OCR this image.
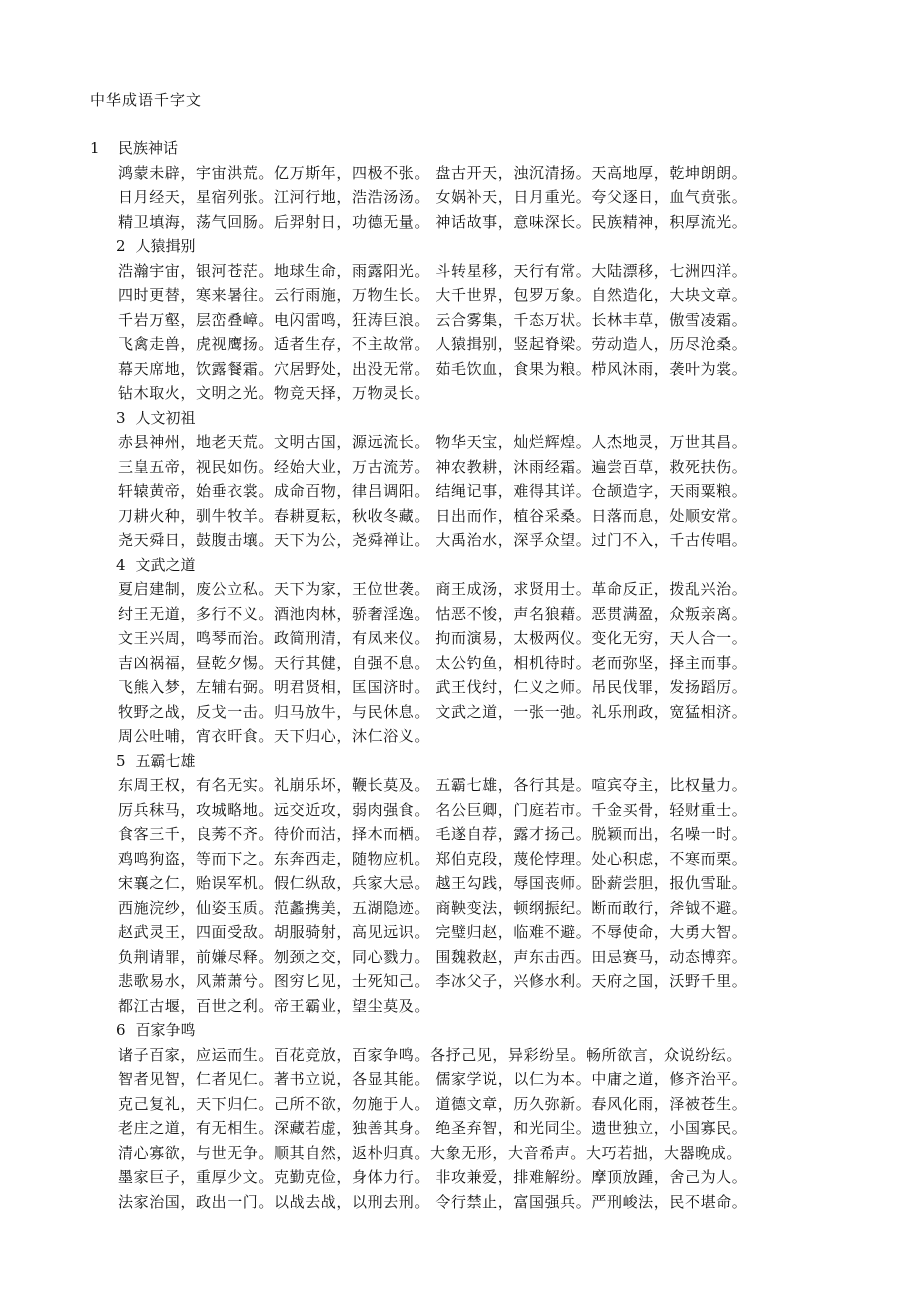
中华成语千字文
1 民族神话
鸿蒙未辟，宇宙洪荒。亿万斯年，四极不张。 盘古开天，浊沉清扬。天高地厚，乾坤朗朗。
日月经天，星宿列张。江河行地，浩浩汤汤。 女娲补天，日月重光。夸父逐日，血气贲张。
精卫填海，荡气回肠。后羿射日，功德无量。 神话故事，意味深长。民族精神，积厚流光。
2 人猿揖别
浩瀚宇宙，银河苍茫。地球生命，雨露阳光。 斗转星移，天行有常。大陆漂移，七洲四洋。
四时更替，寒来暑往。云行雨施，万物生长。 大千世界，包罗万象。自然造化，大块文章。
千岩万壑，层峦叠嶂。电闪雷鸣，狂涛巨浪。 云合雾集，千态万状。长林丰草，傲雪凌霜。
飞禽走兽，虎视鹰扬。适者生存，不主故常。 人猿揖别，竖起脊梁。劳动造人，历尽沧桑。
幕天席地，饮露餐霜。穴居野处，出没无常。 茹毛饮血，食果为粮。栉风沐雨，袭叶为裳。
钻木取火，文明之光。物竞天择，万物灵长。
3 人文初祖
赤县神州，地老天荒。文明古国，源远流长。 物华天宝，灿烂辉煌。人杰地灵，万世其昌。
三皇五帝，视民如伤。经始大业，万古流芳。 神农教耕，沐雨经霜。遍尝百草，救死扶伤。
轩辕黄帝，始垂衣裳。成命百物，律吕调阳。 结绳记事，难得其详。仓颉造字，天雨粟粮。
刀耕火种，驯牛牧羊。春耕夏耘，秋收冬藏。 日出而作，植谷采桑。日落而息，处顺安常。
尧天舜日，鼓腹击壤。天下为公，尧舜禅让。 大禹治水，深孚众望。过门不入，千古传唱。
4 文武之道
夏启建制，废公立私。天下为家，王位世袭。 商王成汤，求贤用士。革命反正，拨乱兴治。
纣王无道，多行不义。酒池肉林，骄奢淫逸。 怙恶不悛，声名狼藉。恶贯满盈，众叛亲离。
文王兴周，鸣琴而治。政简刑清，有凤来仪。 拘而演易，太极两仪。变化无穷，天人合一。
吉凶祸福，昼乾夕惕。天行其健，自强不息。 太公钓鱼，相机待时。老而弥坚，择主而事。
飞熊入梦，左辅右弼。明君贤相，匡国济时。 武王伐纣，仁义之师。吊民伐罪，发扬蹈厉。
牧野之战，反戈一击。归马放牛，与民休息。 文武之道，一张一弛。礼乐刑政，宽猛相济。
周公吐哺，宵衣旰食。天下归心，沐仁浴义。
5 五霸七雄
东周王权，有名无实。礼崩乐坏，鞭长莫及。 五霸七雄，各行其是。喧宾夺主，比权量力。
厉兵秣马，攻城略地。远交近攻，弱肉强食。 名公巨卿，门庭若市。千金买骨，轻财重士。
食客三千，良莠不齐。待价而沽，择木而栖。 毛遂自荐，露才扬己。脱颖而出，名噪一时。
鸡鸣狗盗，等而下之。东奔西走，随物应机。 郑伯克段，蔑伦悖理。处心积虑，不寒而栗。
宋襄之仁，贻误军机。假仁纵敌，兵家大忌。 越王勾践，辱国丧师。卧薪尝胆，报仇雪耻。
西施浣纱，仙姿玉质。范蠡携美，五湖隐迹。 商鞅变法，顿纲振纪。断而敢行，斧钺不避。
赵武灵王，四面受敌。胡服骑射，高见远识。 完璧归赵，临难不避。不辱使命，大勇大智。
负荆请罪，前嫌尽释。刎颈之交，同心戮力。 围魏救赵，声东击西。田忌赛马，动态博弈。
悲歌易水，风萧萧兮。图穷匕见，士死知己。 李冰父子，兴修水利。天府之国，沃野千里。
都江古堰，百世之利。帝王霸业，望尘莫及。
6 百家争鸣
诸子百家，应运而生。百花竞放，百家争鸣。各抒己见，异彩纷呈。畅所欲言，众说纷纭。
智者见智，仁者见仁。著书立说，各显其能。 儒家学说，以仁为本。中庸之道，修齐治平。
克己复礼，天下归仁。己所不欲，勿施于人。 道德文章，历久弥新。春风化雨，泽被苍生。
老庄之道，有无相生。深藏若虚，独善其身。 绝圣弃智，和光同尘。遗世独立，小国寡民。
清心寡欲，与世无争。顺其自然，返朴归真。大象无形，大音希声。大巧若拙，大器晚成。
墨家巨子，重厚少文。克勤克俭，身体力行。 非攻兼爱，排难解纷。摩顶放踵，舍己为人。
法家治国，政出一门。以战去战，以刑去刑。 令行禁止，富国强兵。严刑峻法，民不堪命。
